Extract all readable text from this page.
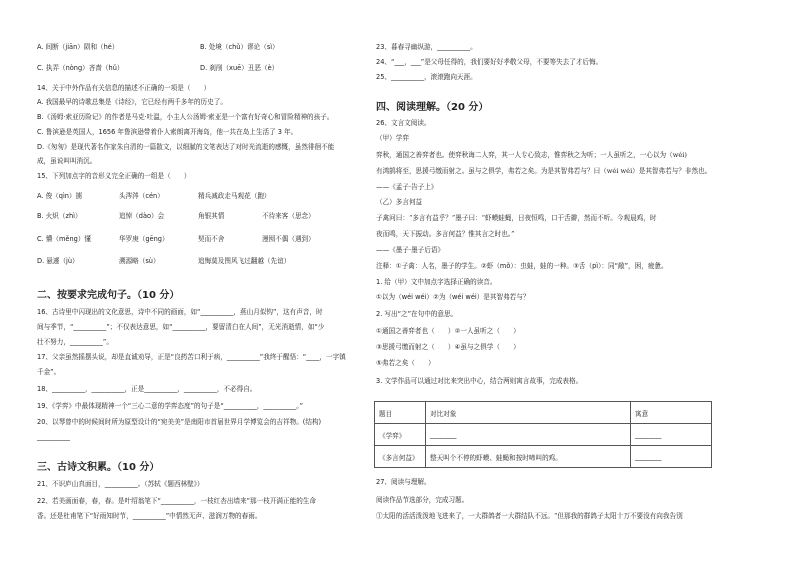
A. 间断（jiān）陨和（hé）	B. 处境（chǔ）谬论（sì）
C. 执弄（nòng）吝啬（hǔ）	D. 刹削（xuē）丑恶（è）
14、关于中外作品有关信息的描述不正确的一项是（　　）
A. 我国最早的诗歌总集是《诗经》，它已经有两千多年的历史了。
B.《汤姆·索亚历险记》的作者是马克·吐温，小主人公汤姆·索亚是一个富有好奇心和冒险精神的孩子。
C. 鲁滨逊是英国人，1656 年鲁滨逊带着仆人索朗离开海岛，他一共在岛上生活了 3 年。
D.《匆匆》是现代著名作家朱自清的一篇散文，以细腻的文笔表达了对时光流逝的感慨，虽然徘徊不能
成，虽说叫叫消沉。
15、下列加点字的音形义完全正确的一组是（　　）
A. 俊（qìn）掳	头涔涔（cén）	精兵减政走马观花（跑）
B. 火炽（zhì）	追悼（dào）会	角银其情	不待来客（思念）
C. 懵（měng）懂	华罗庚（gēng）	契而不舍	漫囤不偶（遇到）
D. 悬遽（jù）	溯源略（sù）	追悔莫及图风飞过翻越（先谊）
二、按要求完成句子。（10 分）
16、古诗里中闪现出的文化意思，诗中不同的画面，如“__________，燕山月似钩”，这有声音，时
间与季节，“__________”；不仅表达意思，如“__________，要留清白在人间”，无光消逝情，如“少
壮不努力，__________”。
17、父亲虽然摇摆头说，却是直诚劝导，正是“良药苦口利于病，__________”我终于醒悟：“____，一字镇
千金”。
18、__________，__________，正是__________，__________，不必得自。
19、《学弈》中最体现精神一个“三心二意的学弈态度”的句子是“__________，__________。”
20、以琴曾中的时候间时所为原型设计的“宛美美”是南阳市首届世界月学博览会的吉祥物。(结构)
__________
三、古诗文积累。（10 分）
21、不识庐山真面目，__________。（苏轼《题西林壁》）
22、若美画面春，春，春。是叶绍翁笔下“__________，一枝红杏出墙来”那一枝开满正能的生命
香。还是杜甫笔下“好雨知时节，__________”中情然无声、滋润万物的春雨。
23、暮春寻幽纵游，__________。
24、“___，___”是父母任得的，我们要好好孝敬父母，不要等失去了才后悔。
25、__________，滚滚跑向天涯。
四、阅读理解。（20 分）
26、文言文阅读。
（甲）学弈
弈秋，通国之善弈者也。使弈秋诲二人弈，其一人专心致志，惟弈秋之为听；一人虽听之，一心以为（wéi)
有鸿鹄将至，思援弓缴而射之。虽与之俱学，弗若之矣。为是其智弗若与？曰（wéi wéi）是其智弗若与？非然也。
——《孟子·告子上》
（乙）多言何益
子禽问曰：“多言有益乎？”墨子曰：“虾蟆蛙蝇，日夜恒鸣，口干舌擗，然而不听。今观晨鸡，时
夜而鸣，天下振动。多言何益？惟其言之时也。”
——《墨子·墨子后语》
注释：①子禽：人名，墨子的学生。②虾（mǒ）：虫蛙，蛙的一种。③舌（pì）：同“敝”，困，疲惫。
1. 给（甲）文中加点字选择正确的读音。
①以为（wéi wéi）②为（wéi wéi）是其智弗若与？
2. 写出“之”在句中的意思。
①通国之善弈者也（　　）②一人虽听之（　　）
③思援弓缴而射之（　　）④虽与之俱学（　　）
⑤弗若之矣（　　）
3. 文学作品可以通过对比来突出中心，结合两则寓言故事，完成表格。
题目	对比对象	寓意
《学弈》	________	________
《多言何益》	整天叫个不停的虾蟆、蛙蝇和按时啼叫的鸡。	________
27、阅读与理解。
阅读作品节选部分，完成习题。
①太阳的活活泼泼地飞进来了，一大群鸽者一大群结队不远。“但那我的群鸽子太阳十万不要没有向我告别
